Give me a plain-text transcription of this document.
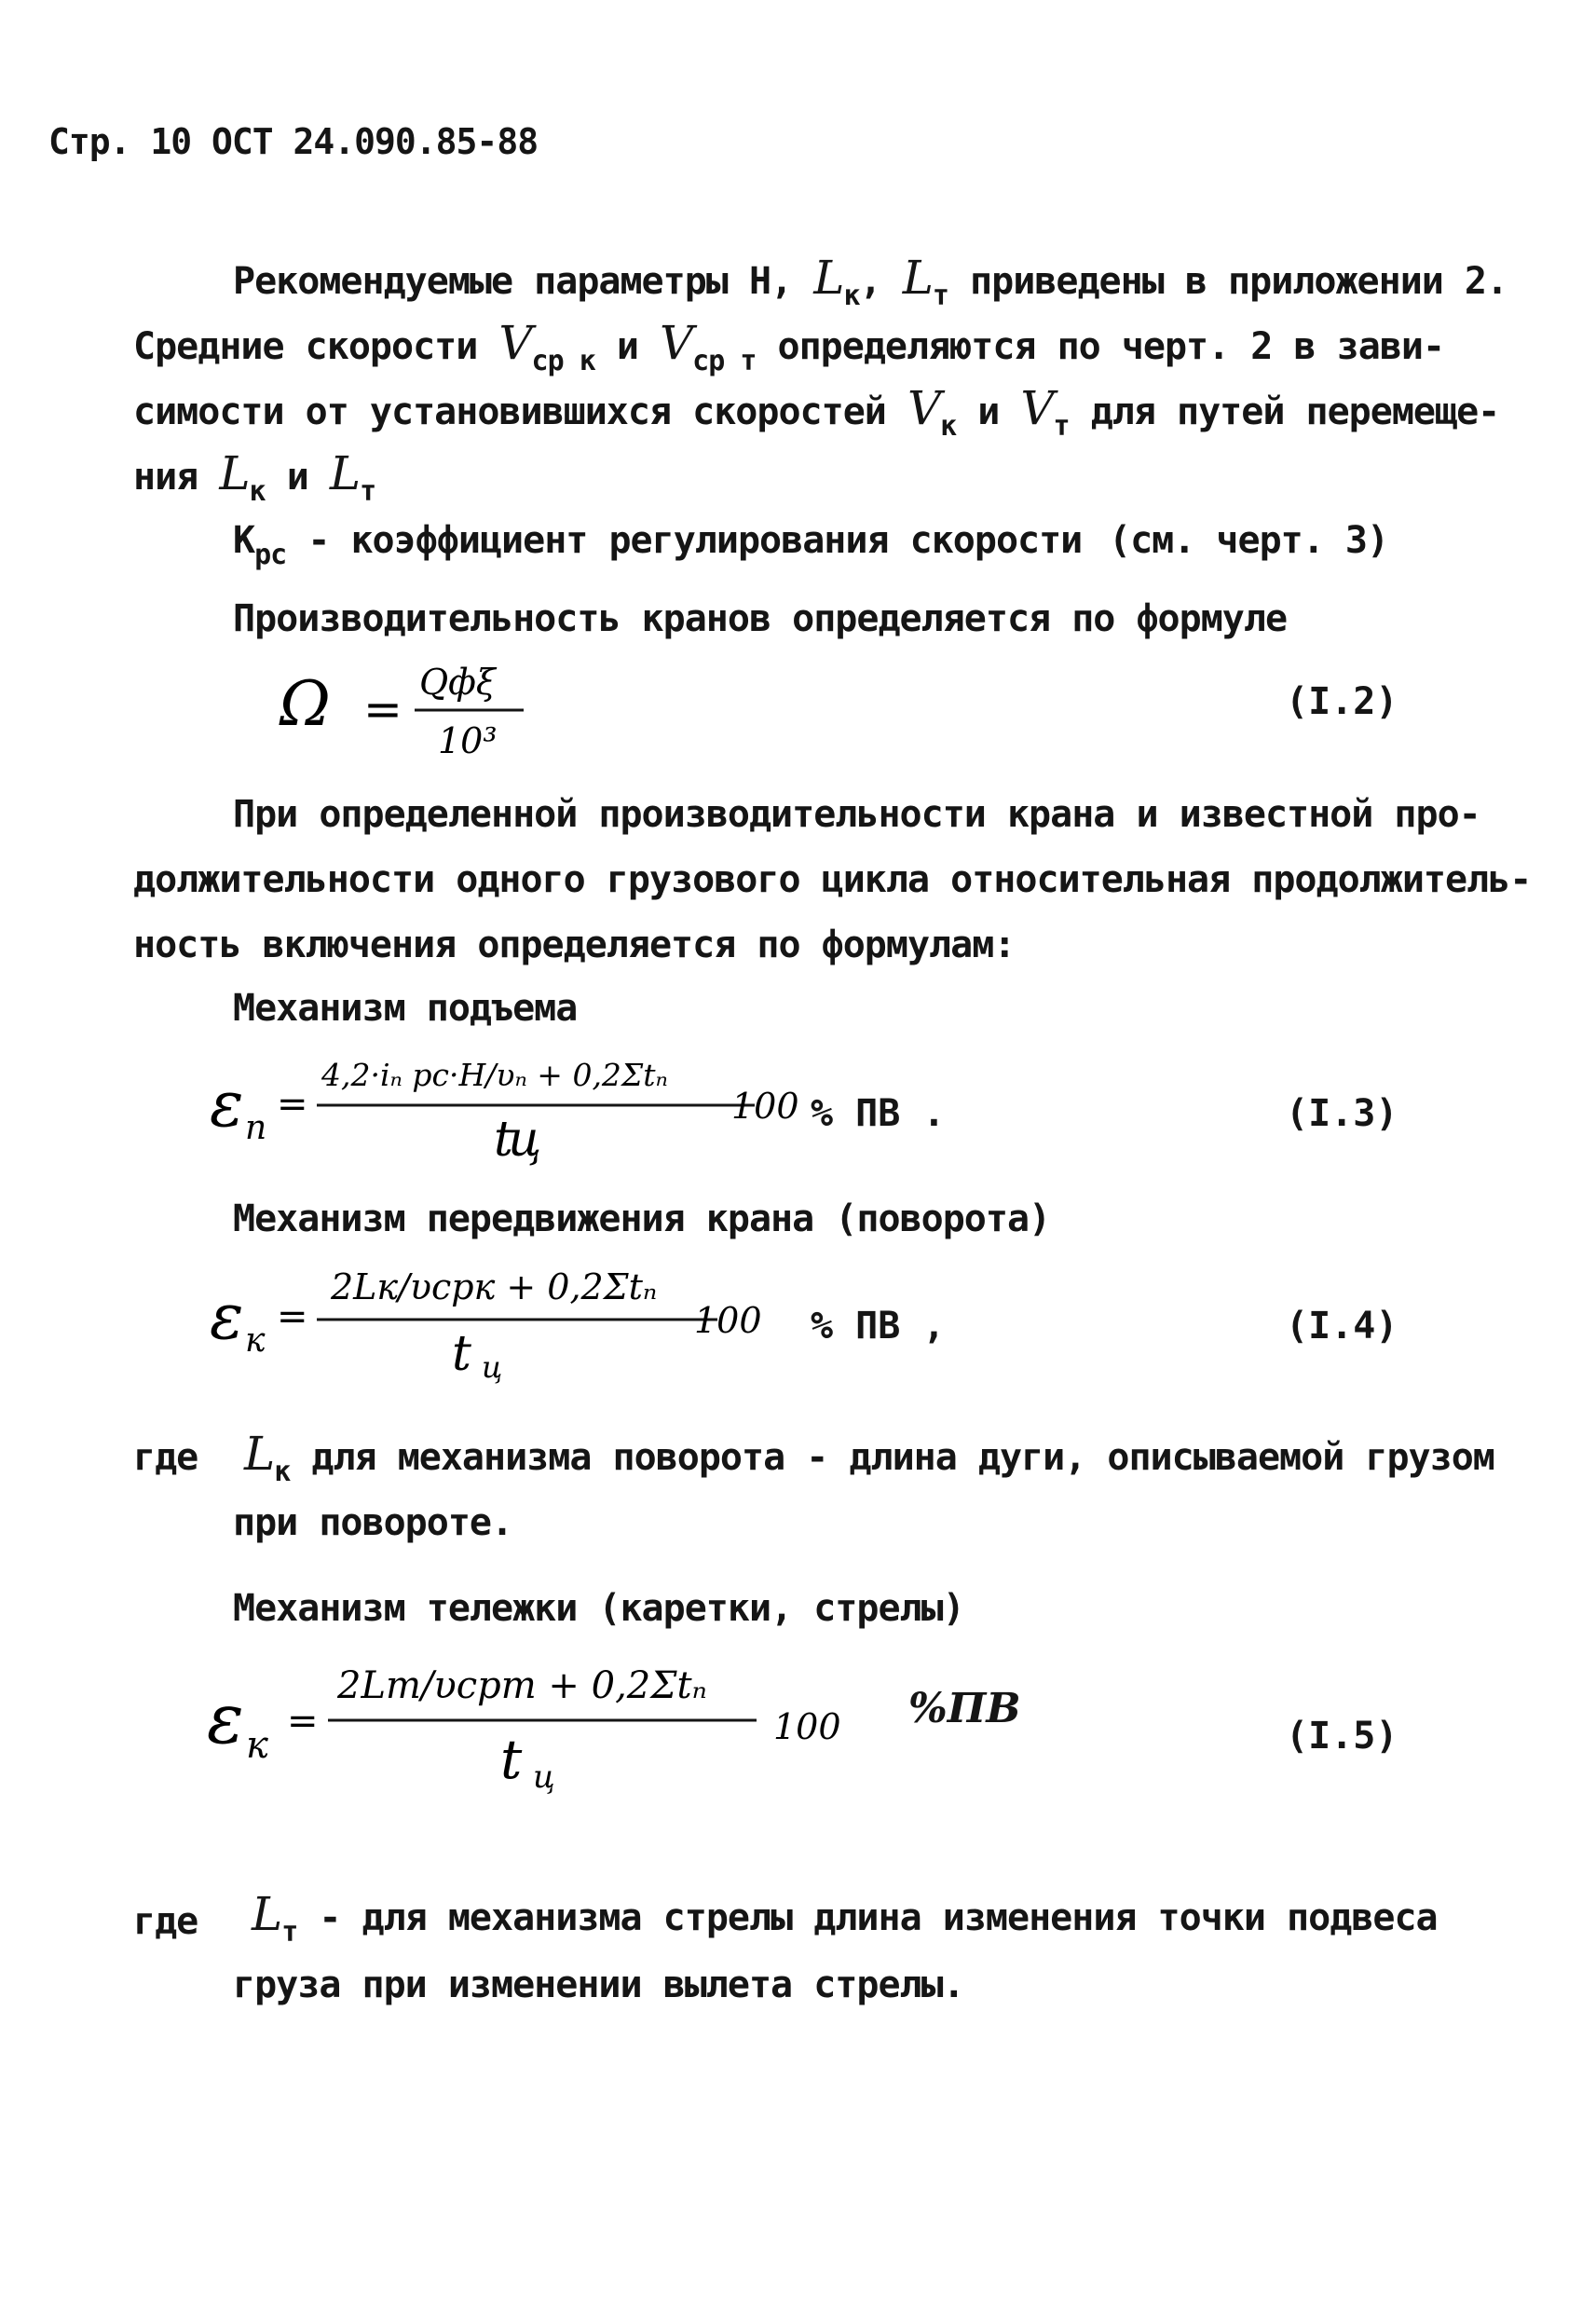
Стр. 10 ОСТ 24.090.85-88
Рекомендуемые параметры Н, $L_к$, $L_т$ приведены в приложении 2.
Средние скорости $V_{ср к}$ и $V_{ср т}$ определяются по черт. 2 в зави-
симости от установившихся скоростей $V_к$ и $V_т$ для путей перемеще-
ния $L_к$ и $L_т$
$К_{рс}$ - коэффициент регулирования скорости (см. черт. 3)
Производительность кранов определяется по формуле
Ω = Qфξ
10³
(I.2)
При определенной производительности крана и известной про-
должительности одного грузового цикла относительная продолжитель-
ность включения определяется по формулам:
Механизм подъема
ε п
=
4,2·iₙ рс·H/υₙ + 0,2Σtₙ
ц
t
100 % ПВ .	(I.3)
Механизм передвижения крана (поворота)
ε к
=
2Lк/υсрк + 0,2Σtₙ
t ц
100 % ПВ ,	(I.4)
где $L_к$ для механизма поворота - длина дуги, описываемой грузом
при повороте.
Механизм тележки (каретки, стрелы)
ε к
=
2Lт/υсрт + 0,2Σtₙ
t ц
100 %ПВ
(I.5)
где $L_т$ - для механизма стрелы длина изменения точки подвеса
груза при изменении вылета стрелы.
